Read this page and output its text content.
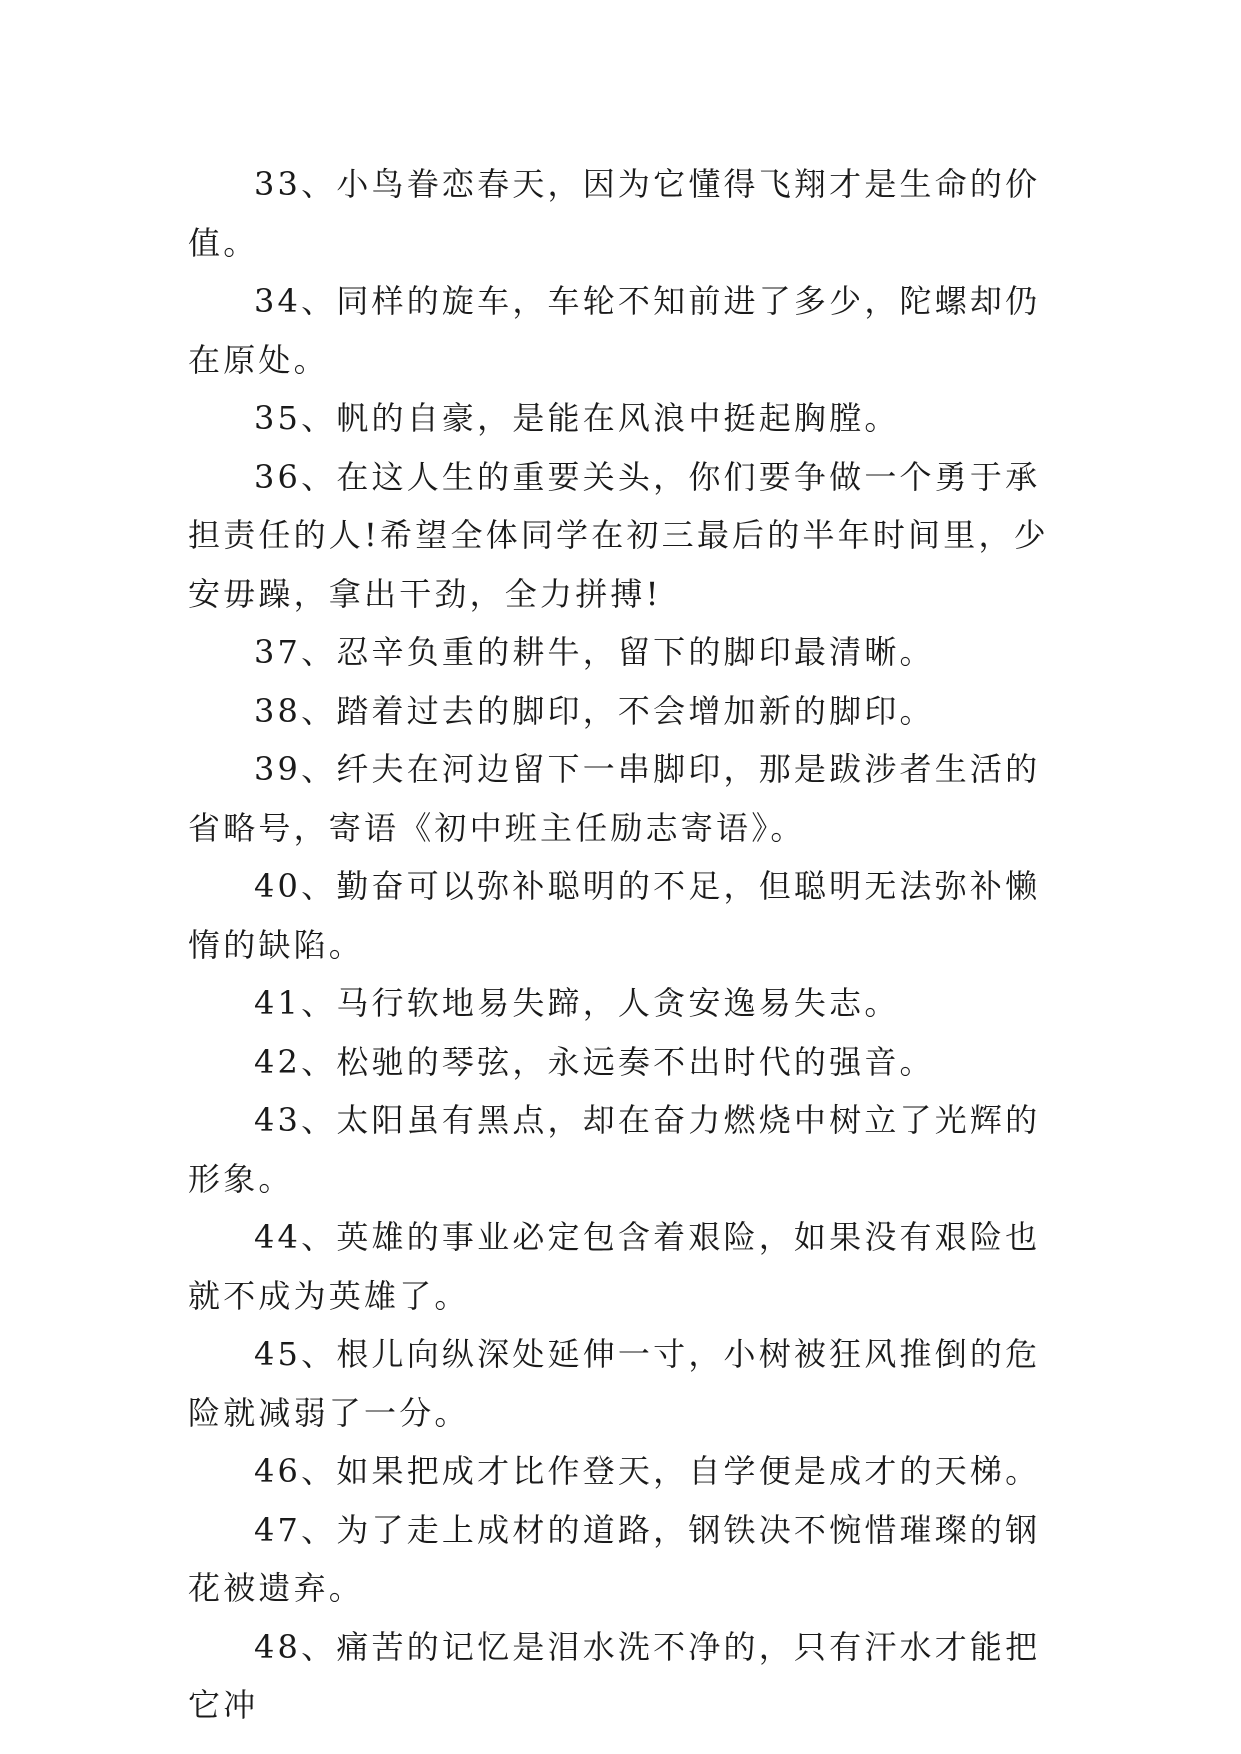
33、小鸟眷恋春天，因为它懂得飞翔才是生命的价值。

34、同样的旋车，车轮不知前进了多少，陀螺却仍在原处。

35、帆的自豪，是能在风浪中挺起胸膛。

36、在这人生的重要关头，你们要争做一个勇于承担责任的人!希望全体同学在初三最后的半年时间里，少安毋躁，拿出干劲，全力拼搏!

37、忍辛负重的耕牛，留下的脚印最清晰。

38、踏着过去的脚印，不会增加新的脚印。

39、纤夫在河边留下一串脚印，那是跋涉者生活的省略号，寄语《初中班主任励志寄语》。

40、勤奋可以弥补聪明的不足，但聪明无法弥补懒惰的缺陷。

41、马行软地易失蹄，人贪安逸易失志。

42、松驰的琴弦，永远奏不出时代的强音。

43、太阳虽有黑点，却在奋力燃烧中树立了光辉的形象。

44、英雄的事业必定包含着艰险，如果没有艰险也就不成为英雄了。

45、根儿向纵深处延伸一寸，小树被狂风推倒的危险就减弱了一分。

46、如果把成才比作登天，自学便是成才的天梯。

47、为了走上成材的道路，钢铁决不惋惜璀璨的钢花被遗弃。

48、痛苦的记忆是泪水洗不净的，只有汗水才能把它冲
